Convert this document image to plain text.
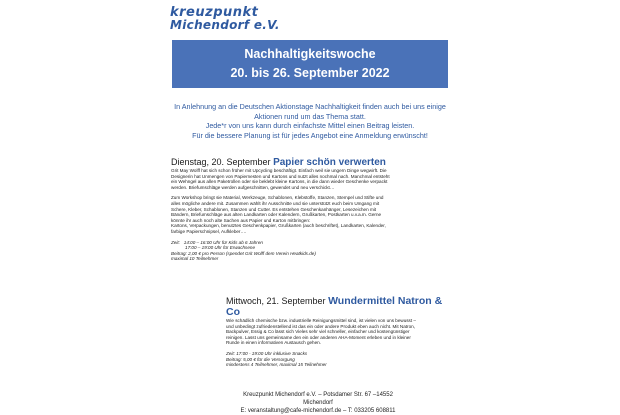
kreuzpunkt
Michendorf e.V.
Nachhaltigkeitswoche
20. bis 26. September 2022
In Anlehnung an die Deutschen Aktionstage Nachhaltigkeit finden auch bei uns einige
Aktionen rund um das Thema statt.
Jede*r von uns kann durch einfachste Mittel einen Beitrag leisten.
Für die bessere Planung ist für jedes Angebot eine Anmeldung erwünscht!
Dienstag, 20. September Papier schön verwerten

Grit May Wolff hat sich schon früher mit Upcycling beschäftigt. Einfach weil sie ungern Dinge wegwirft. Die

Designerin hat Unmengen von Papiernesten und Kartons und nutzt alles nochmal nach. Manchmal entsteht

ein Wehngel aus allen Paketrollen oder sie beklebt kleine Kartons, in die dann wieder Geschenke verpackt

werden. Briefumschläge werden aufgeschnitten, gewendet und neu verschickt…

Zum Workshop bringt sie Material, Werkzeuge, Schablonen, Klebstoffe, Stanzen, Stempel und Stifte und

alles mögliche andere mit. Zusammen wählt ihr Ausschnitte und sie unterstützt euch beim Umgang mit

Schere, Kleber, Schablonen, Stanzen und Cutter. Es entstehen Geschenkanhänger, Lesezeichen mit

Bändern, Briefumschläge aus alten Landkarten oder Kalendern, Grußkarten, Postkarten u.v.a.m. Gerne

könnte ihr auch noch alte Sachen aus Papier und Karton mitbringen:

Kartons, Verpackungen, benutztes Geschenkpapier, Grußkarten (auch beschriftet), Landkarten, Kalender,

farbige Papierschnipsel, Aufkleber….

Zeit:   14:00 – 16:00 Uhr für Kids ab 6 Jahren

17:00 – 19:00 Uhr für Erwachsene

Beitrag: 2,00 € pro Person (spendet Grit Wolff dem Verein Heatkids.de)

maximal 10 Teilnehmer

Mittwoch, 21. September Wundermittel Natron & Co

Wie schädlich chemische bzw. industrielle Reinigungsmittel sind, ist vielen von uns bewusst –

und unbedingt zufriedenstellend ist das ein oder andere Produkt eben auch nicht. Mit Natron,

Backpulver, Essig & Co lässt sich Vieles sehr viel schneller, einfacher und kostengünstiger

reinigen. Lasst uns gemeinsame den ein oder anderen AHA-Moment erleben und in kleiner

Runde in einen informativen Austausch gehen.

Zeit: 17:00 - 19:00 Uhr inklusive Snacks

Beitrag: 5,00 € für die Versorgung

mindestens 4 Teilnehmer, maximal 15 Teilnehmer

Kreuzpunkt Michendorf e.V. – Potsdamer Str. 67 –14552 Michendorf
E: veranstaltung@cafe-michendorf.de – T: 033205 608811
